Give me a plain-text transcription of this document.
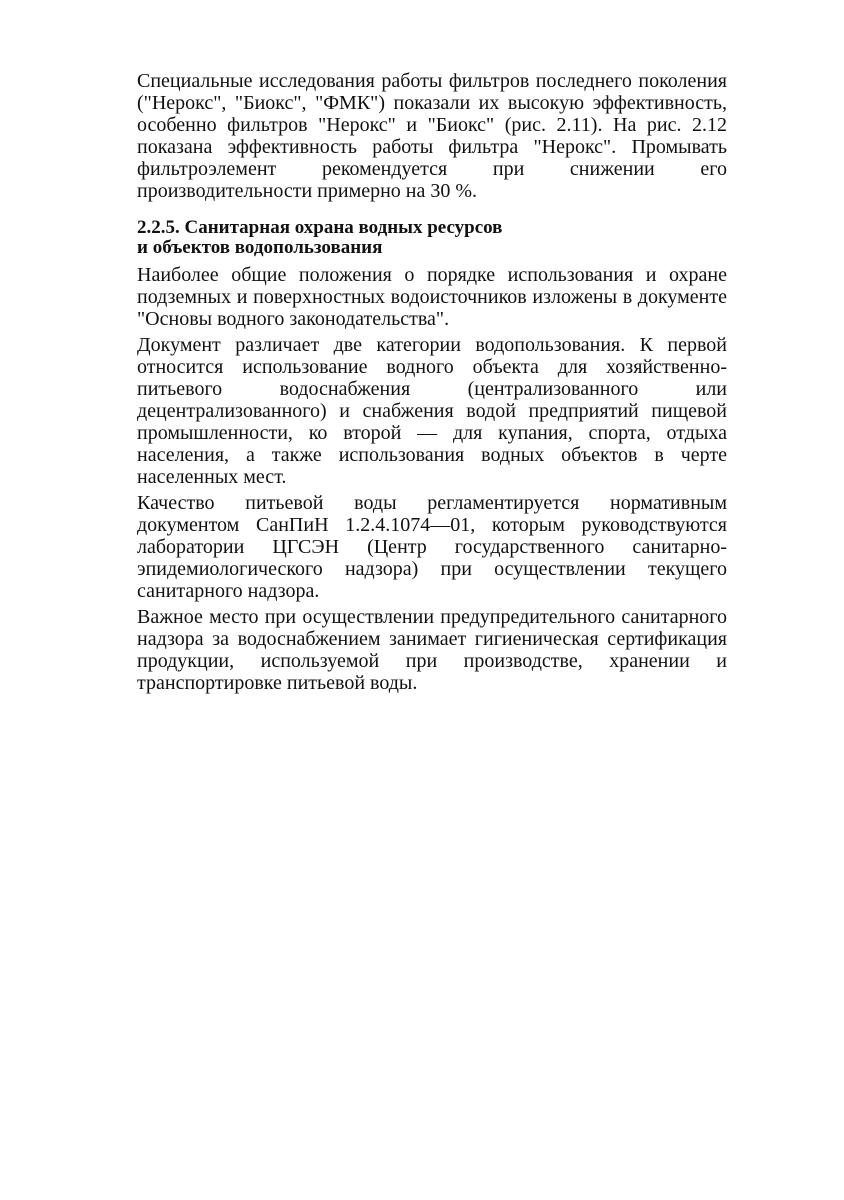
Специальные исследования работы фильтров последнего поколения ("Нерокс", "Биокс", "ФМК") показали их высокую эффективность, особенно фильтров "Нерокс" и "Биокс" (рис. 2.11). На рис. 2.12 показана эффективность работы фильтра "Нерокс". Промывать фильтроэлемент рекомендуется при снижении его производительности примерно на 30 %.

2.2.5. Санитарная охрана водных ресурсов
и объектов водопользования

Наиболее общие положения о порядке использования и охране подземных и поверхностных водоисточников изложены в документе "Основы водного законодательства".

Документ различает две категории водопользования. К первой относится использование водного объекта для хозяйственно-питьевого водоснабжения (централизованного или децентрализованного) и снабжения водой предприятий пищевой промышленности, ко второй — для купания, спорта, отдыха населения, а также использования водных объектов в черте населенных мест.

Качество питьевой воды регламентируется нормативным документом СанПиН 1.2.4.1074—01, которым руководствуются лаборатории ЦГСЭН (Центр государственного санитарно-эпидемиологического надзора) при осуществлении текущего санитарного надзора.

Важное место при осуществлении предупредительного санитарного надзора за водоснабжением занимает гигиеническая сертификация продукции, используемой при производстве, хранении и транспортировке питьевой воды.
